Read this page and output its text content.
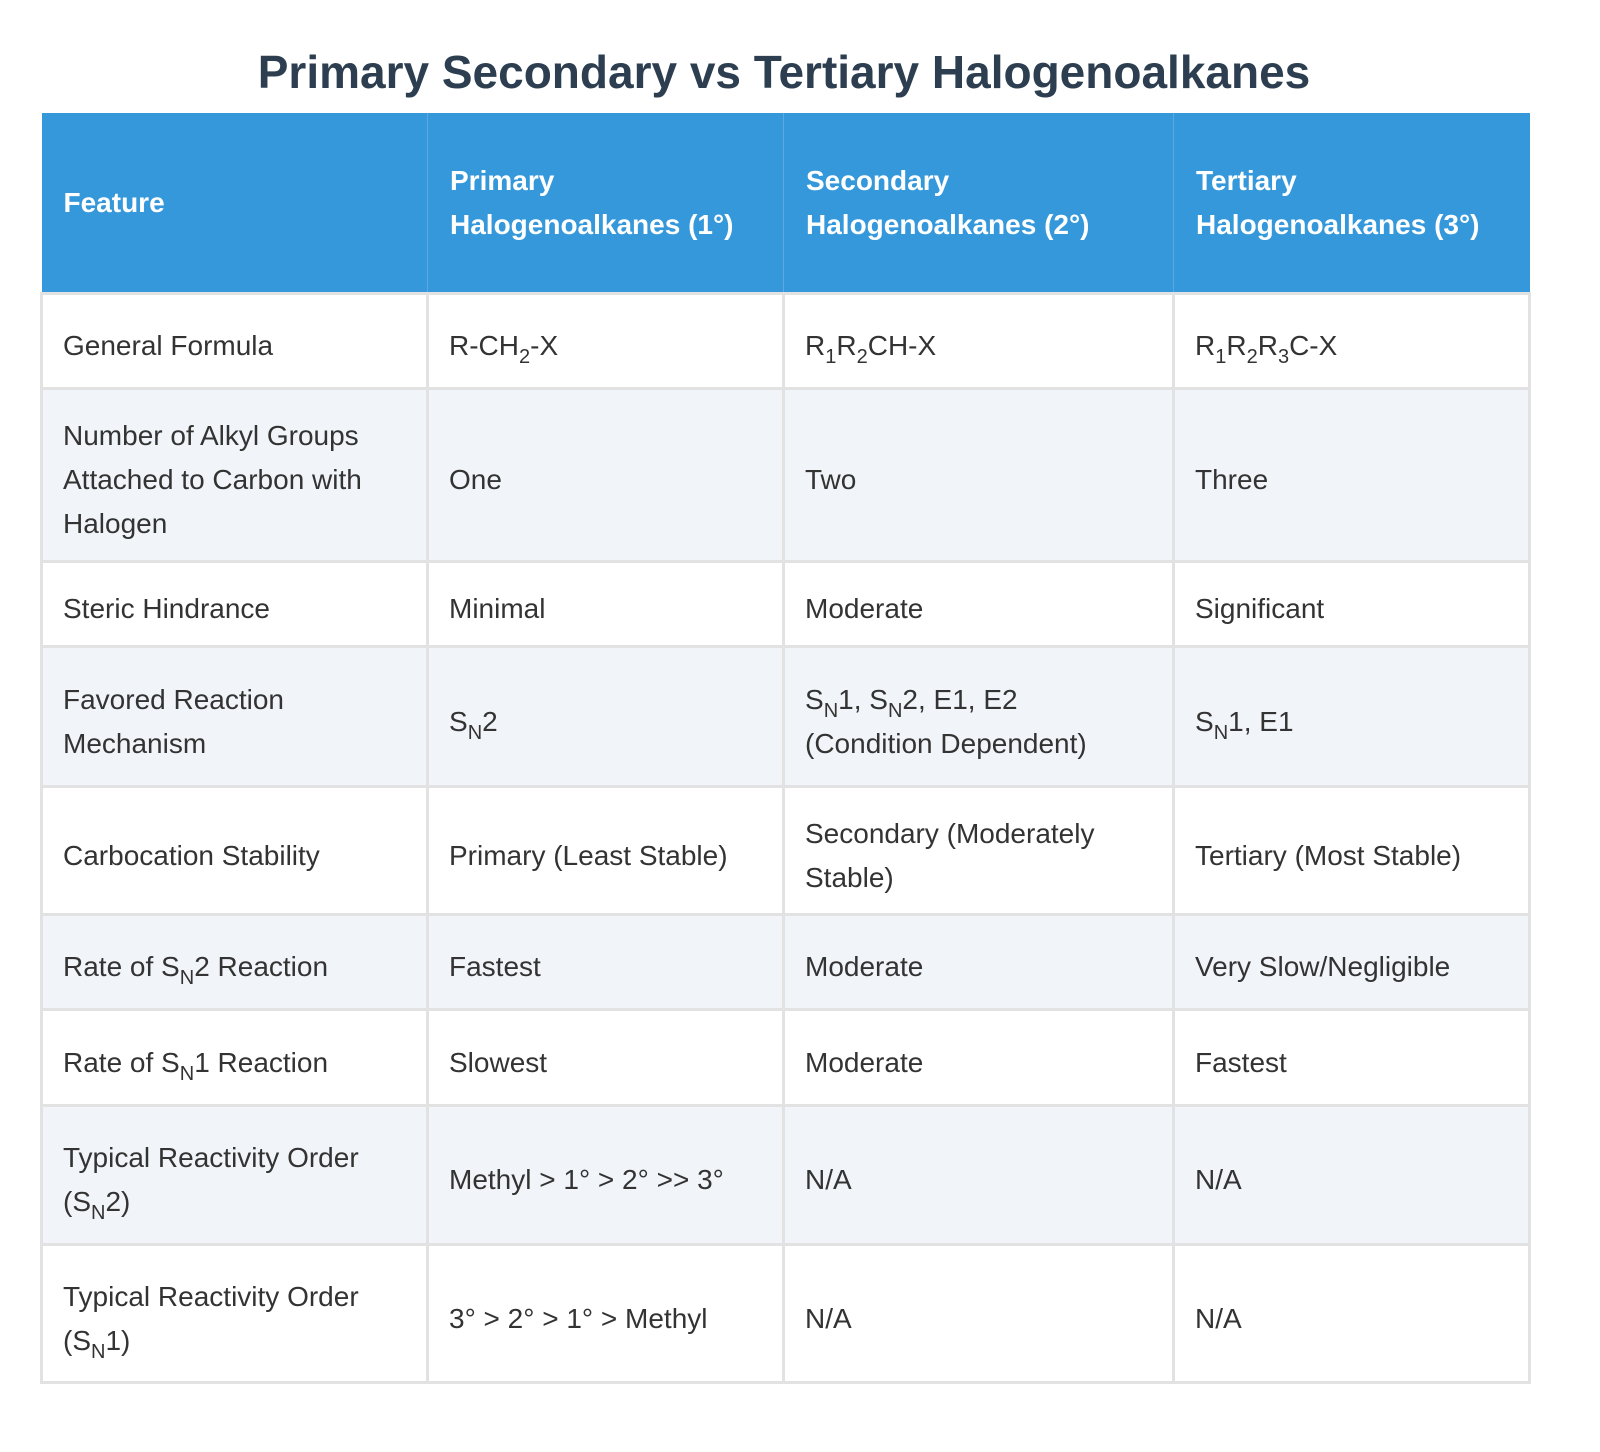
Primary Secondary vs Tertiary Halogenoalkanes
Feature	Primary Halogenoalkanes (1°)	Secondary Halogenoalkanes (2°)	Tertiary Halogenoalkanes (3°)
General Formula	$R-CH_2-X$	$R_1R_2CH-X$	$R_1R_2R_3C-X$
Number of Alkyl Groups Attached to Carbon with Halogen	One	Two	Three
Steric Hindrance	Minimal	Moderate	Significant
Favored Reaction Mechanism	$S_N2$	$S_N1$, $S_N2$, E1, E2 (Condition Dependent)	$S_N1$, E1
Carbocation Stability	Primary (Least Stable)	Secondary (Moderately Stable)	Tertiary (Most Stable)
Rate of $S_N2$ Reaction	Fastest	Moderate	Very Slow/Negligible
Rate of $S_N1$ Reaction	Slowest	Moderate	Fastest
Typical Reactivity Order $(S_N2)$	Methyl > 1° > 2° >> 3°	N/A	N/A
Typical Reactivity Order $(S_N1)$	3° > 2° > 1° > Methyl	N/A	N/A
